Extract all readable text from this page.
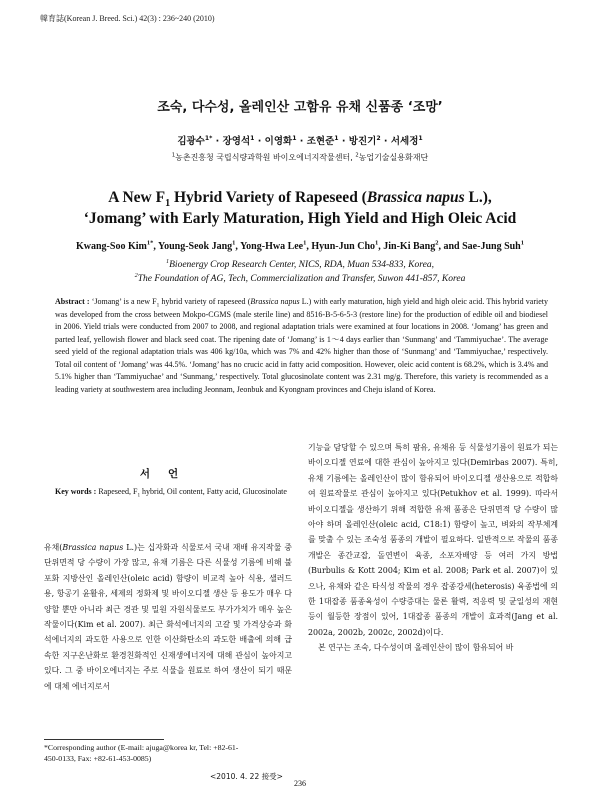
韓育誌(Korean J. Breed. Sci.) 42(3) : 236~240 (2010)
조숙, 다수성, 올레인산 고함유 유채 신품종 ‘조망’
김광수$^{1*}$ · 장영석$^1$ · 이영화$^1$ · 조현준$^1$ · 방진기$^2$ · 서세정$^1$
$^1$농촌진흥청 국립식량과학원 바이오에너지작물센터, $^2$농업기술실용화재단
A New $F_1$ Hybrid Variety of Rapeseed (Brassica napus L.),
‘Jomang’ with Early Maturation, High Yield and High Oleic Acid
Kwang-Soo Kim$^{1*}$, Young-Seok Jang$^1$, Yong-Hwa Lee$^1$, Hyun-Jun Cho$^1$, Jin-Ki Bang$^2$, and Sae-Jung Suh$^1$
$^1$Bioenergy Crop Research Center, NICS, RDA, Muan 534-833, Korea,
$^2$The Foundation of AG, Tech, Commercialization and Transfer, Suwon 441-857, Korea
Abstract : ‘Jomang’ is a new $F_1$ hybrid variety of rapeseed (Brassica napus L.) with early maturation, high yield and high oleic acid. This hybrid variety was developed from the cross between Mokpo-CGMS (male sterile line) and 8516-B-5-6-5-3 (restore line) for the production of edible oil and biodiesel in 2006. Yield trials were conducted from 2007 to 2008, and regional adaptation trials were examined at four locations in 2008. ‘Jomang’ has green and parted leaf, yellowish flower and black seed coat. The ripening date of ‘Jomang’ is 1～4 days earlier than ‘Sunmang’ and ‘Tammiyuchae’. The average seed yield of the regional adaptation trials was 406 kg/10a, which was 7% and 42% higher than those of ‘Sunmang’ and ‘Tammiyuchae,’ respectively. Total oil content of ‘Jomang’ was 44.5%. ‘Jomang’ has no crucic acid in fatty acid composition. However, oleic acid content is 68.2%, which is 3.4% and 5.1% higher than ‘Tammiyuchae’ and ‘Sunmang,’ respectively. Total glucosinolate content was 2.31 mg/g. Therefore, this variety is recommended as a leading variety at southwestern area including Jeonnam, Jeonbuk and Kyongnam provinces and Cheju island of Korea.
Key words : Rapeseed, $F_1$ hybrid, Oil content, Fatty acid, Glucosinolate
서언

유채(Brassica napus L.)는 십자화과 식물로서 국내 재배 유지작물 중 단위면적 당 수량이 가장 많고, 유채 기름은 다른 식물성 기름에 비해 불포화 지방산인 올레인산(oleic acid) 함량이 비교적 높아 식용, 샐러드용, 항공기 윤활유, 세제의 정화제 및 바이오디젤 생산 등 용도가 매우 다양할 뿐만 아니라 최근 경관 및 밀원 자원식물로도 부가가치가 매우 높은 작물이다(Kim et al. 2007). 최근 화석에너지의 고갈 및 가격상승과 화석에너지의 과도한 사용으로 인한 이산화탄소의 과도한 배출에 의해 급속한 지구온난화로 환경친화적인 신재생에너지에 대해 관심이 높아지고 있다. 그 중 바이오에너지는 주로 식물을 원료로 하여 생산이 되기 때문에 대체 에너지로서

기능을 담당할 수 있으며 특히 팜유, 유채유 등 식물성기름이 원료가 되는 바이오디젤 연료에 대한 관심이 높아지고 있다(Demirbas 2007). 특히, 유채 기름에는 올레인산이 많이 함유되어 바이오디젤 생산용으로 적합하여 원료작물로 관심이 높아지고 있다(Petukhov et al. 1999). 따라서 바이오디젤을 생산하기 위해 적합한 유채 품종은 단위면적 당 수량이 많아야 하며 올레인산(oleic acid, C18:1) 함량이 높고, 벼와의 작부체계를 맞출 수 있는 조숙성 품종의 개발이 필요하다. 일반적으로 작물의 품종개발은 종간교잡, 돌연변이 육종, 소포자배양 등 여러 가지 방법(Burbulis & Kott 2004; Kim et al. 2008; Park et al. 2007)이 있으나, 유채와 같은 타식성 작물의 경우 잡종강세(heterosis) 육종법에 의한 1대잡종 품종육성이 수량증대는 물론 활력, 적응력 및 균일성의 재현 등이 월등한 장점이 있어, 1대잡종 품종의 개발이 효과적(Jang et al. 2002a, 2002b, 2002c, 2002d)이다.

본 연구는 조숙, 다수성이며 올레인산이 많이 함유되어 바

*Corresponding author (E-mail: ajuga@korea kr, Tel: +82-61-
450-0133, Fax: +82-61-453-0085)
<2010. 4. 22 接受>
236
